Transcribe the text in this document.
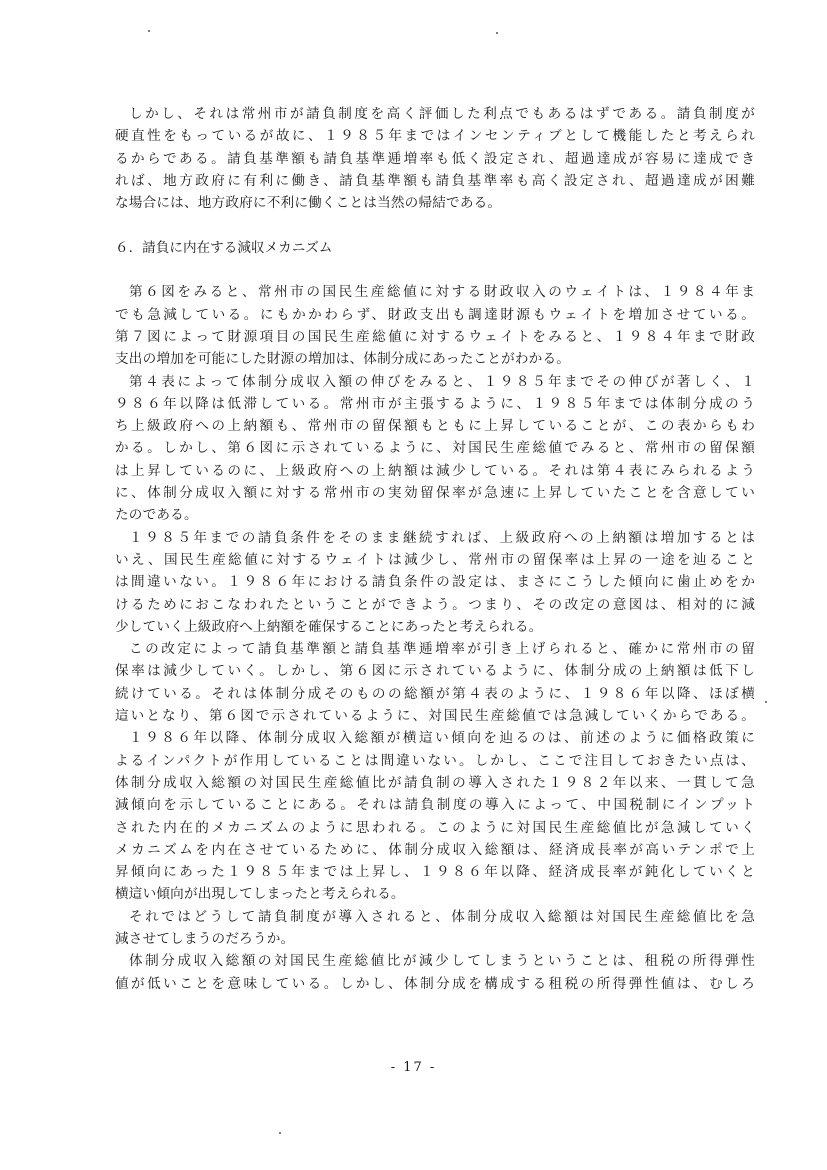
しかし、それは常州市が請負制度を高く評価した利点でもあるはずである。請負制度が
硬直性をもっているが故に、１９８５年まではインセンティブとして機能したと考えられ
るからである。請負基準額も請負基準逓増率も低く設定され、超過達成が容易に達成でき
れば、地方政府に有利に働き、請負基準額も請負基準率も高く設定され、超過達成が困難
な場合には、地方政府に不利に働くことは当然の帰結である。
６．請負に内在する減収メカニズム
第６図をみると、常州市の国民生産総値に対する財政収入のウェイトは、１９８４年ま
でも急減している。にもかかわらず、財政支出も調達財源もウェイトを増加させている。
第７図によって財源項目の国民生産総値に対するウェイトをみると、１９８４年まで財政
支出の増加を可能にした財源の増加は、体制分成にあったことがわかる。
第４表によって体制分成収入額の伸びをみると、１９８５年までその伸びが著しく、１
９８６年以降は低滞している。常州市が主張するように、１９８５年までは体制分成のう
ち上級政府への上納額も、常州市の留保額もともに上昇していることが、この表からもわ
かる。しかし、第６図に示されているように、対国民生産総値でみると、常州市の留保額
は上昇しているのに、上級政府への上納額は減少している。それは第４表にみられるよう
に、体制分成収入額に対する常州市の実効留保率が急速に上昇していたことを含意してい
たのである。
１９８５年までの請負条件をそのまま継続すれば、上級政府への上納額は増加するとは
いえ、国民生産総値に対するウェイトは減少し、常州市の留保率は上昇の一途を辿ること
は間違いない。１９８６年における請負条件の設定は、まさにこうした傾向に歯止めをか
けるためにおこなわれたということができよう。つまり、その改定の意図は、相対的に減
少していく上級政府へ上納額を確保することにあったと考えられる。
この改定によって請負基準額と請負基準逓増率が引き上げられると、確かに常州市の留
保率は減少していく。しかし、第６図に示されているように、体制分成の上納額は低下し
続けている。それは体制分成そのものの総額が第４表のように、１９８６年以降、ほぼ横
這いとなり、第６図で示されているように、対国民生産総値では急減していくからである。
１９８６年以降、体制分成収入総額が横這い傾向を辿るのは、前述のように価格政策に
よるインパクトが作用していることは間違いない。しかし、ここで注目しておきたい点は、
体制分成収入総額の対国民生産総値比が請負制の導入された１９８２年以来、一貫して急
減傾向を示していることにある。それは請負制度の導入によって、中国税制にインプット
された内在的メカニズムのように思われる。このように対国民生産総値比が急減していく
メカニズムを内在させているために、体制分成収入総額は、経済成長率が高いテンポで上
昇傾向にあった１９８５年までは上昇し、１９８６年以降、経済成長率が鈍化していくと
横這い傾向が出現してしまったと考えられる。
それではどうして請負制度が導入されると、体制分成収入総額は対国民生産総値比を急
減させてしまうのだろうか。
体制分成収入総額の対国民生産総値比が減少してしまうということは、租税の所得弾性
値が低いことを意味している。しかし、体制分成を構成する租税の所得弾性値は、むしろ
- 17 -
